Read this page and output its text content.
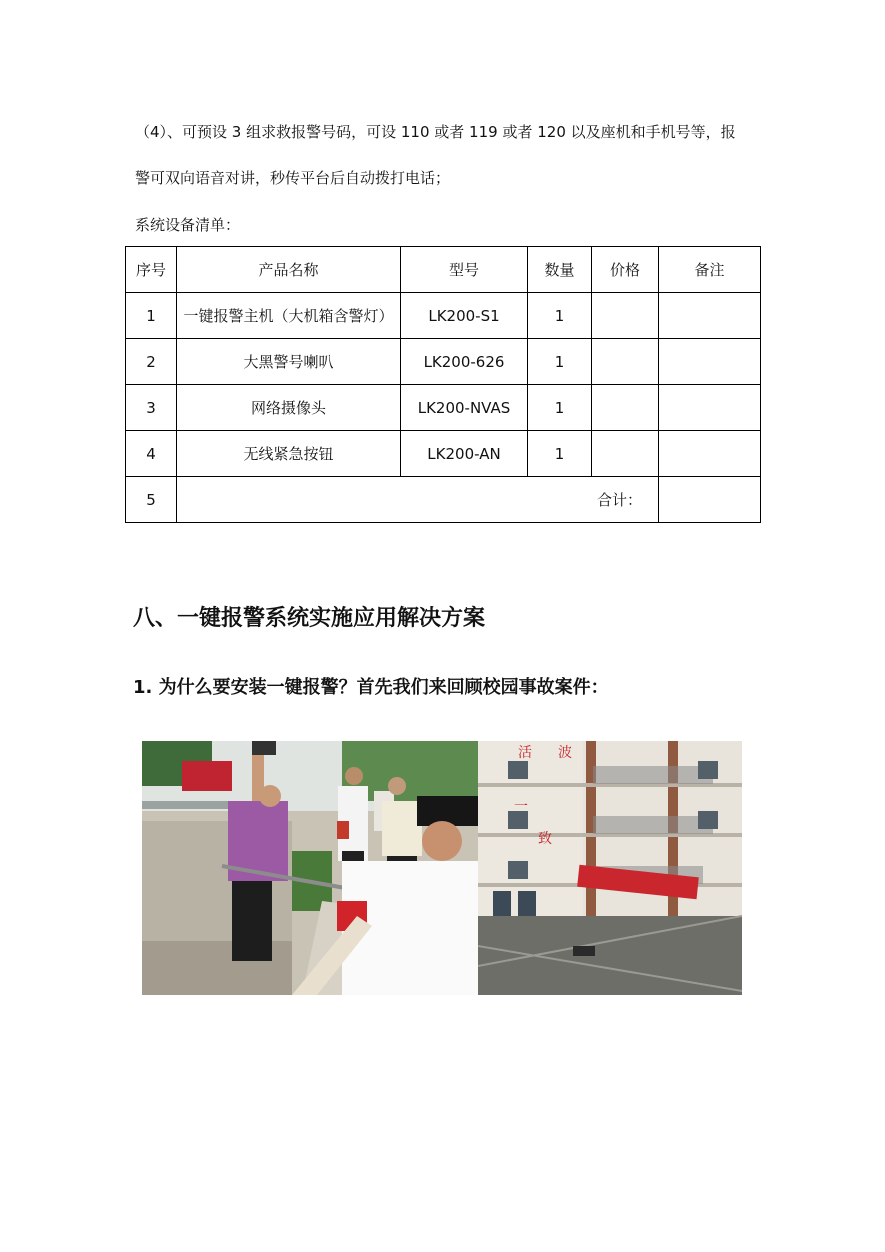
（4）、可预设 3 组求救报警号码，可设 110 或者 119 或者 120 以及座机和手机号等，报

警可双向语音对讲，秒传平台后自动拨打电话；

系统设备清单：

序号	产品名称	型号	数量	价格	备注
1	一键报警主机（大机箱含警灯）	LK200-S1	1		
2	大黑警号喇叭	LK200-626	1		
3	网络摄像头	LK200-NVAS	1		
4	无线紧急按钮	LK200-AN	1		
5	合计：				
八、一键报警系统实施应用解决方案
1. 为什么要安装一键报警？首先我们来回顾校园事故案件：
活 波
一
致
